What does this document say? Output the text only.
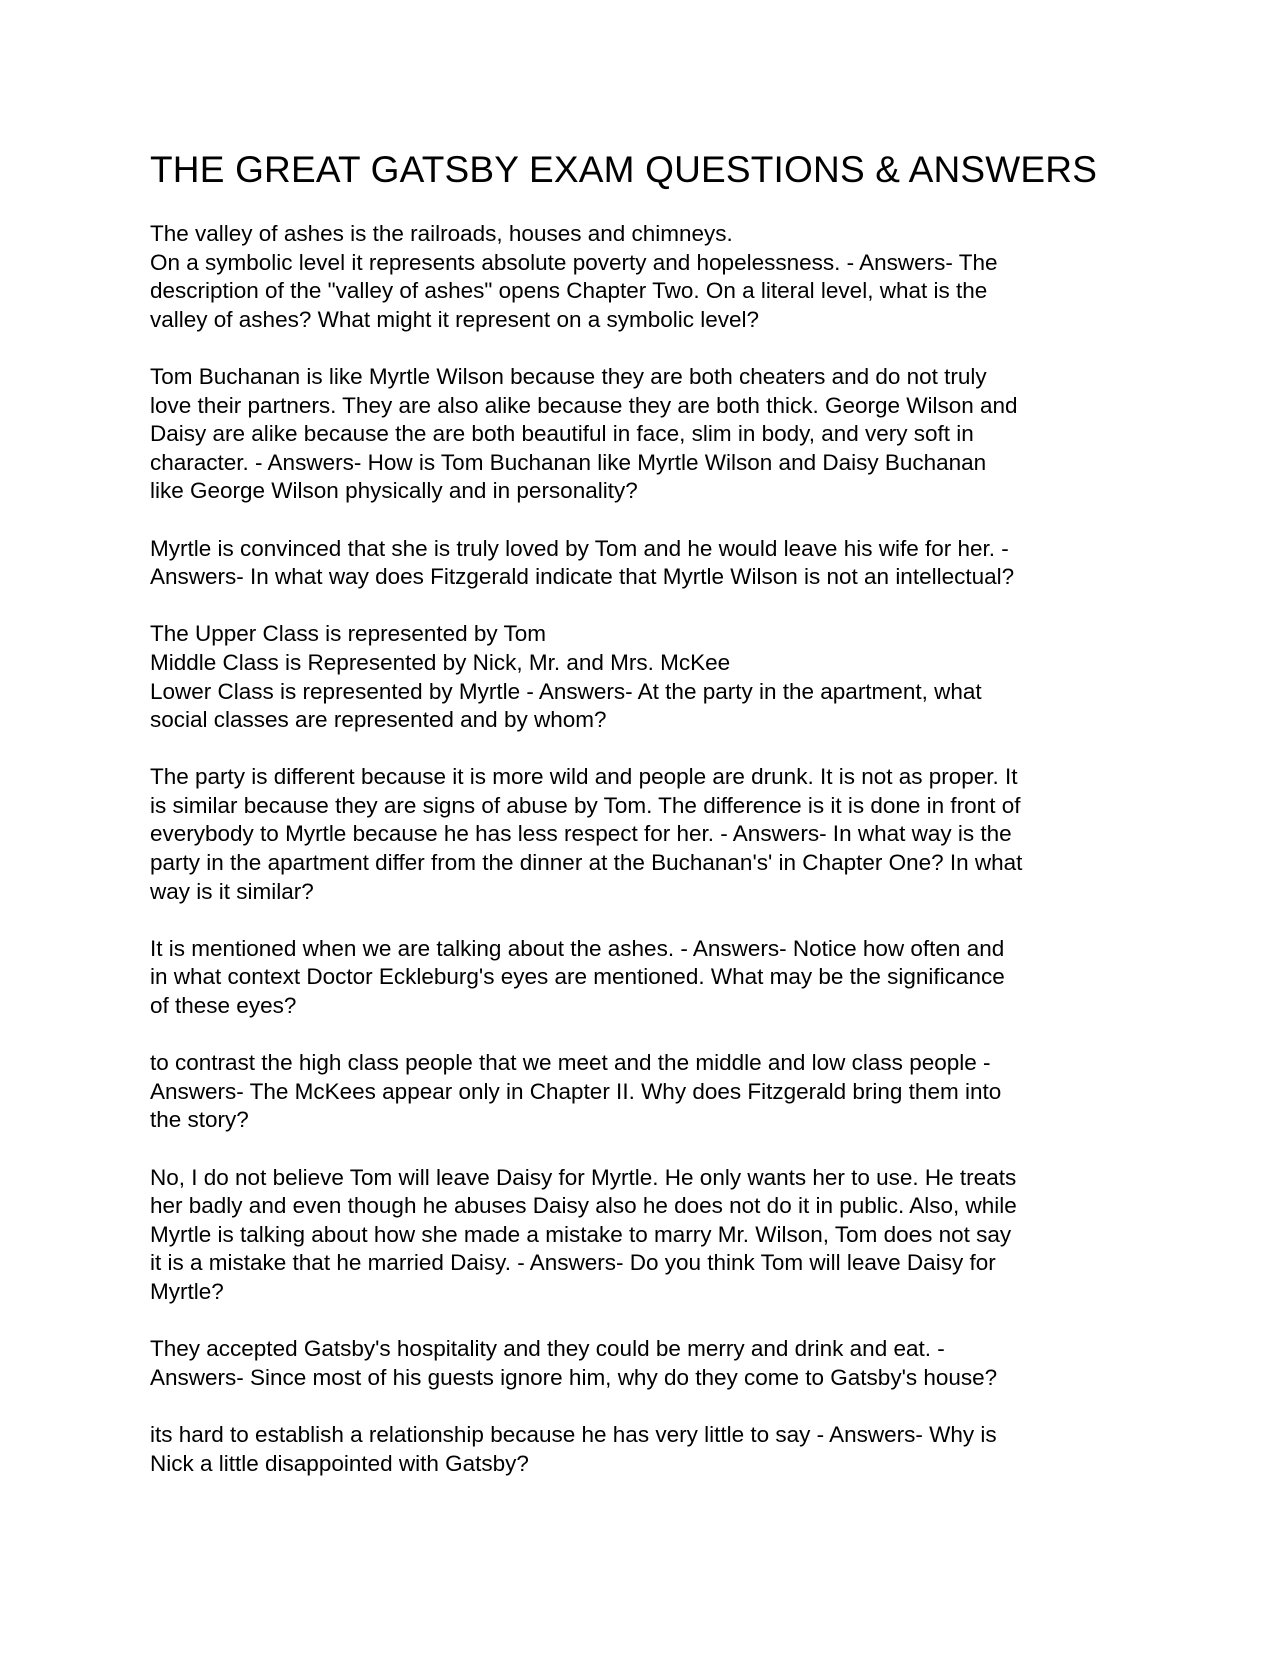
THE GREAT GATSBY EXAM QUESTIONS & ANSWERS
The valley of ashes is the railroads, houses and chimneys.
On a symbolic level it represents absolute poverty and hopelessness. - Answers- The
description of the "valley of ashes" opens Chapter Two. On a literal level, what is the
valley of ashes? What might it represent on a symbolic level?
Tom Buchanan is like Myrtle Wilson because they are both cheaters and do not truly
love their partners. They are also alike because they are both thick. George Wilson and
Daisy are alike because the are both beautiful in face, slim in body, and very soft in
character. - Answers- How is Tom Buchanan like Myrtle Wilson and Daisy Buchanan
like George Wilson physically and in personality?
Myrtle is convinced that she is truly loved by Tom and he would leave his wife for her. -
Answers- In what way does Fitzgerald indicate that Myrtle Wilson is not an intellectual?
The Upper Class is represented by Tom
Middle Class is Represented by Nick, Mr. and Mrs. McKee
Lower Class is represented by Myrtle - Answers- At the party in the apartment, what
social classes are represented and by whom?
The party is different because it is more wild and people are drunk. It is not as proper. It
is similar because they are signs of abuse by Tom. The difference is it is done in front of
everybody to Myrtle because he has less respect for her. - Answers- In what way is the
party in the apartment differ from the dinner at the Buchanan's' in Chapter One? In what
way is it similar?
It is mentioned when we are talking about the ashes. - Answers- Notice how often and
in what context Doctor Eckleburg's eyes are mentioned. What may be the significance
of these eyes?
to contrast the high class people that we meet and the middle and low class people -
Answers- The McKees appear only in Chapter II. Why does Fitzgerald bring them into
the story?
No, I do not believe Tom will leave Daisy for Myrtle. He only wants her to use. He treats
her badly and even though he abuses Daisy also he does not do it in public. Also, while
Myrtle is talking about how she made a mistake to marry Mr. Wilson, Tom does not say
it is a mistake that he married Daisy. - Answers- Do you think Tom will leave Daisy for
Myrtle?
They accepted Gatsby's hospitality and they could be merry and drink and eat. -
Answers- Since most of his guests ignore him, why do they come to Gatsby's house?
its hard to establish a relationship because he has very little to say - Answers- Why is
Nick a little disappointed with Gatsby?
